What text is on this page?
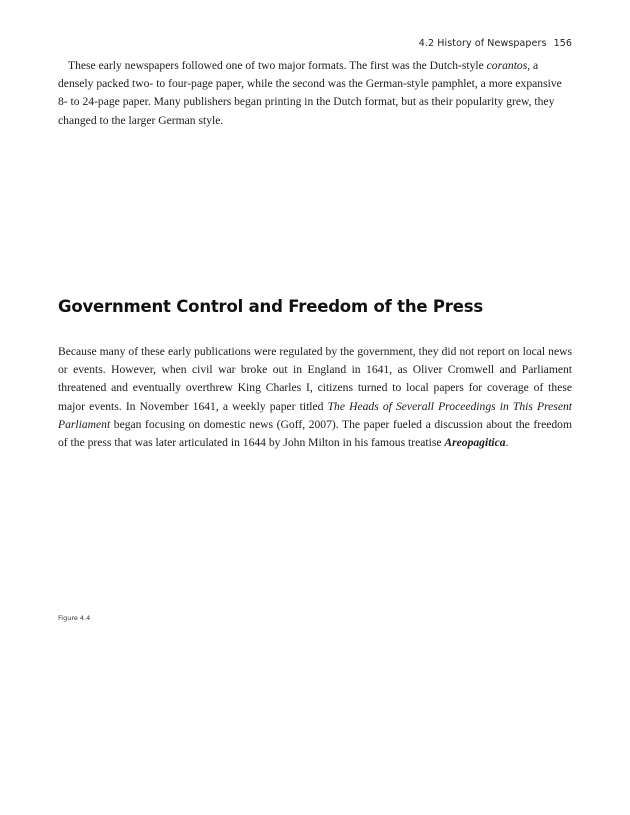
4.2 History of Newspapers 156

These early newspapers followed one of two major formats. The first was the Dutch-style corantos, a densely packed two- to four-page paper, while the second was the German-style pamphlet, a more expansive 8- to 24-page paper. Many publishers began printing in the Dutch format, but as their popularity grew, they changed to the larger German style.

Government Control and Freedom of the Press

Because many of these early publications were regulated by the government, they did not report on local news or events. However, when civil war broke out in England in 1641, as Oliver Cromwell and Parliament threatened and eventually overthrew King Charles I, citizens turned to local papers for coverage of these major events. In November 1641, a weekly paper titled The Heads of Severall Proceedings in This Present Parliament began focusing on domestic news (Goff, 2007). The paper fueled a discussion about the freedom of the press that was later articulated in 1644 by John Milton in his famous treatise Areopagitica.

Figure 4.4
